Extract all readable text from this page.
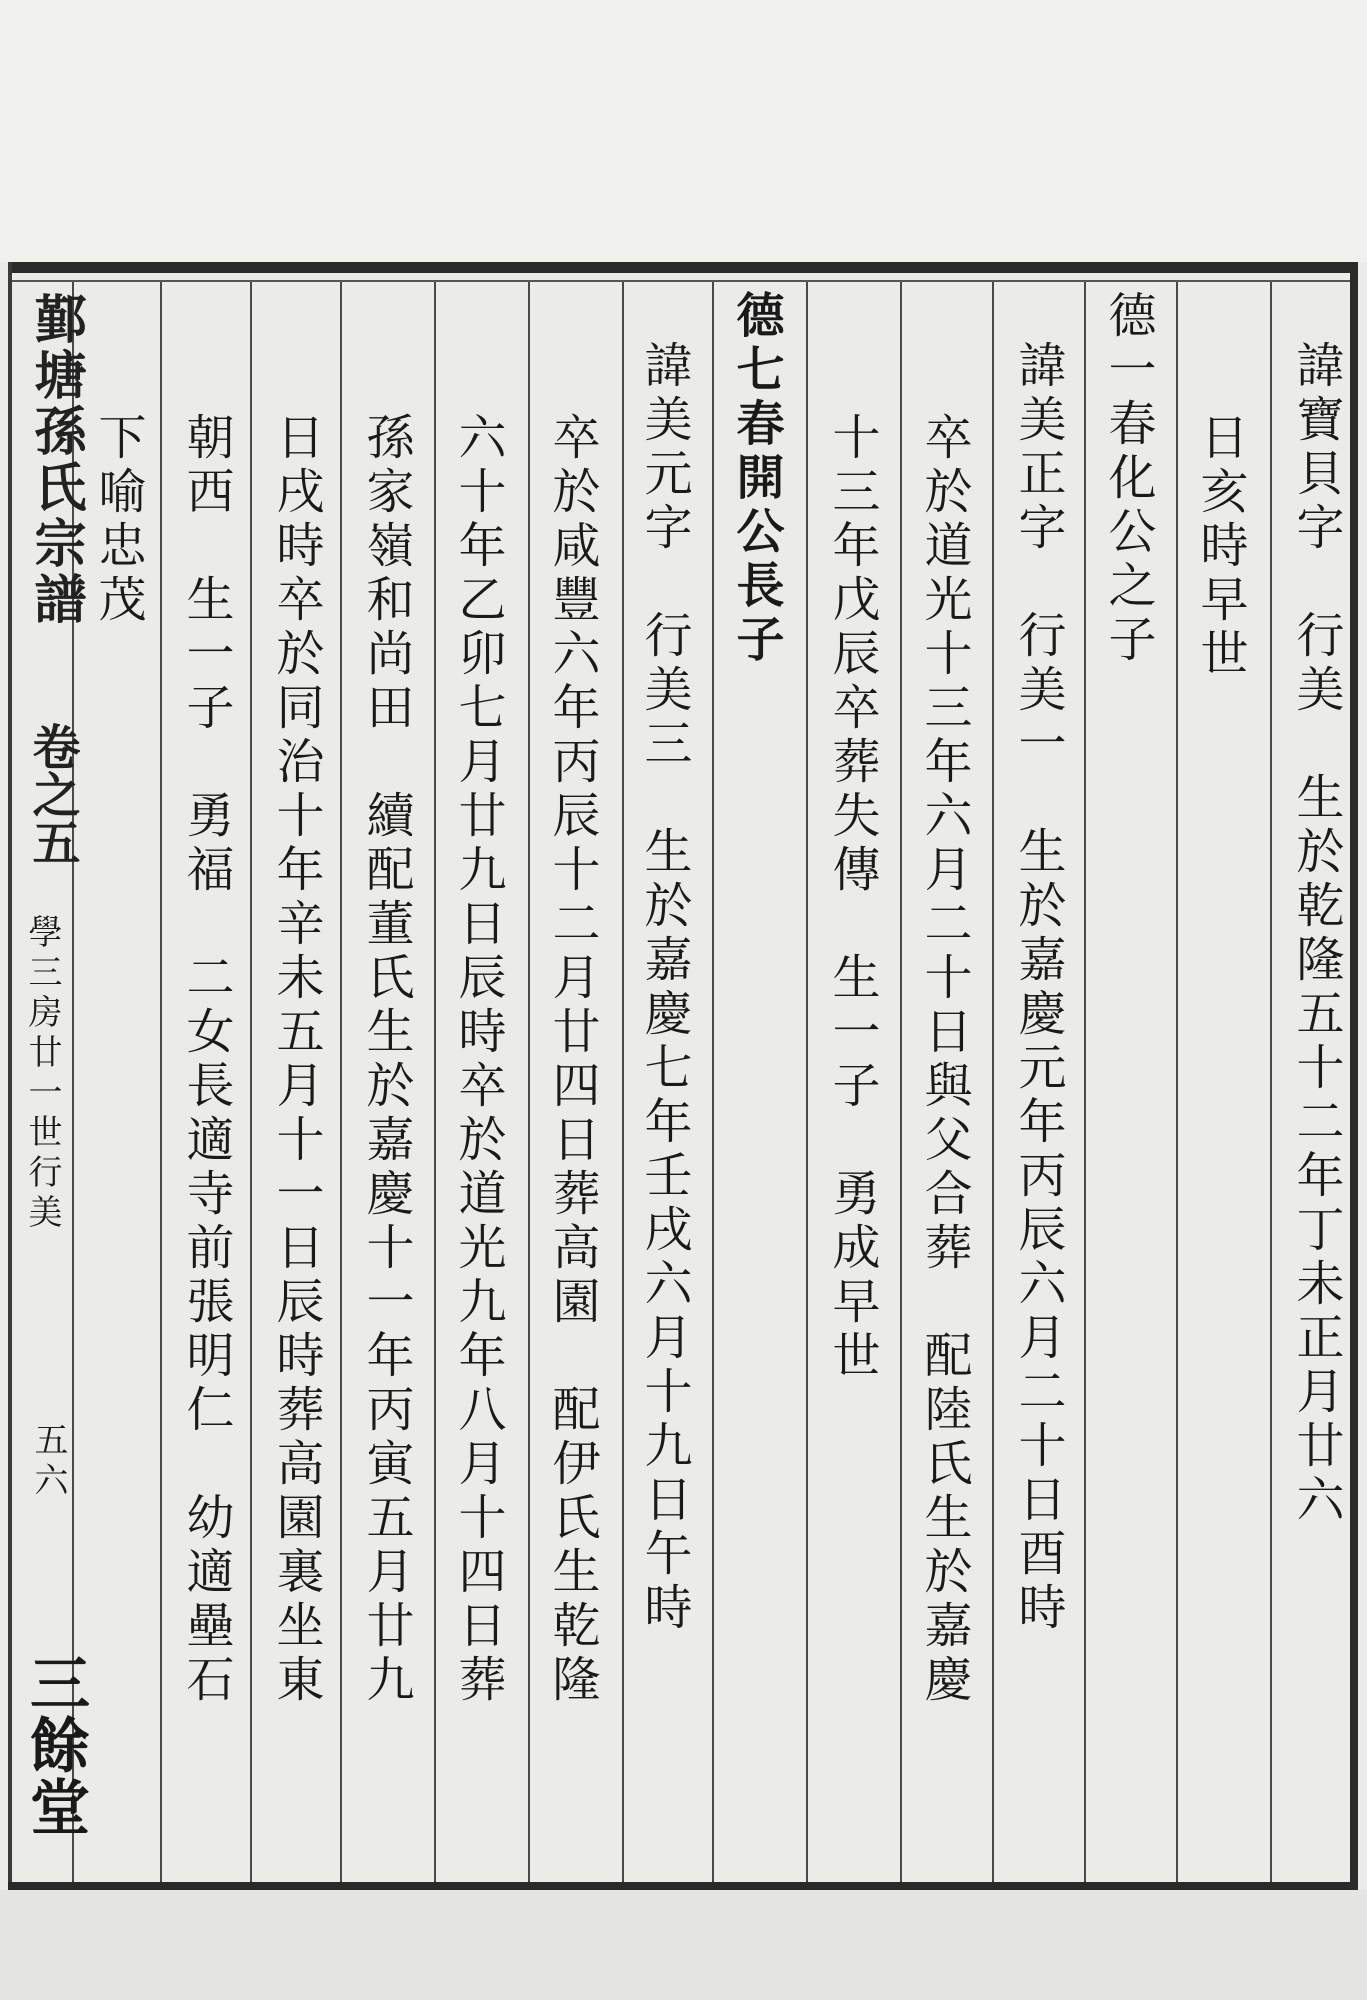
鄞塘孫氏宗譜
卷之五
學三房廿一世行美
五六
三餘堂
諱寶貝字　行美　生於乾隆五十二年丁未正月廿六
日亥時早世
德一春化公之子
諱美正字　行美一　生於嘉慶元年丙辰六月二十日酉時
卒於道光十三年六月二十日與父合葬　配陸氏生於嘉慶
十三年戊辰卒葬失傳　生一子　勇成早世
德七春開公長子
諱美元字　行美三　生於嘉慶七年壬戌六月十九日午時
卒於咸豐六年丙辰十二月廿四日葬高園　配伊氏生乾隆
六十年乙卯七月廿九日辰時卒於道光九年八月十四日葬
孫家嶺和尚田　續配董氏生於嘉慶十一年丙寅五月廿九
日戌時卒於同治十年辛未五月十一日辰時葬高園裏坐東
朝西　生一子　勇福　二女長適寺前張明仁　幼適壘石
下喻忠茂
